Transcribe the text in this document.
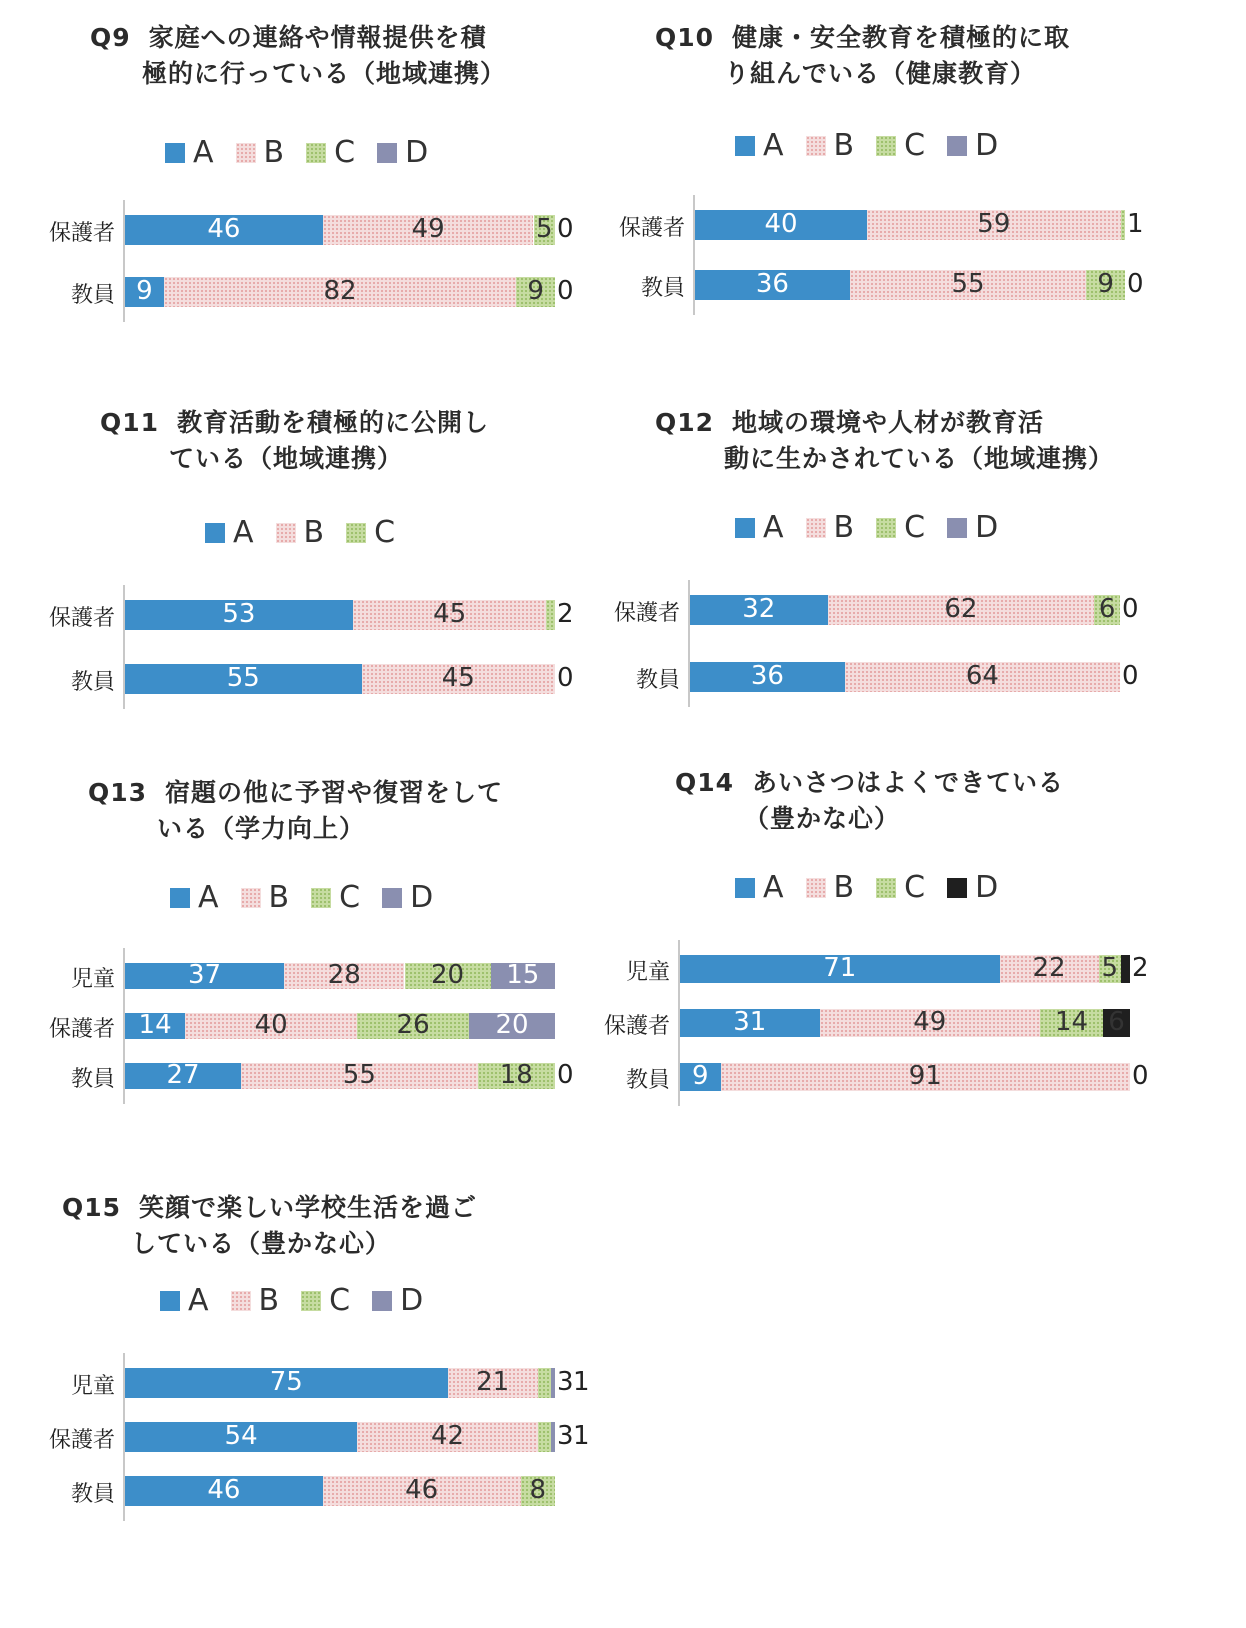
Q9 家庭への連絡や情報提供を積
極的に行っている（地域連携）
A B C D
保護者	46	49	5 0
教員 9	82	9 0
Q10 健康・安全教育を積極的に取
り組んでいる（健康教育）
A B C D
保護者	40	59	1
教員	36	55	9 0
Q11 教育活動を積極的に公開し
ている（地域連携）
A B C
保護者	53	45	2
教員	55	45	0
Q12 地域の環境や人材が教育活
動に生かされている（地域連携）
A B C D
保護者	32	62	6 0
教員	36	64	0
Q13 宿題の他に予習や復習をして
いる（学力向上）
A B C D
児童	37	28	20	15
保護者 14	40	26	20
教員	27	55	18 0
Q14 あいさつはよくできている
（豊かな心）
A B C D
児童	71	22	5 2
保護者	31	49	14 6
教員 9	91	0
Q15 笑顔で楽しい学校生活を過ご
している（豊かな心）
A B C D
児童	75	21	3 1
保護者	54	42	3 1
教員	46	46	8
